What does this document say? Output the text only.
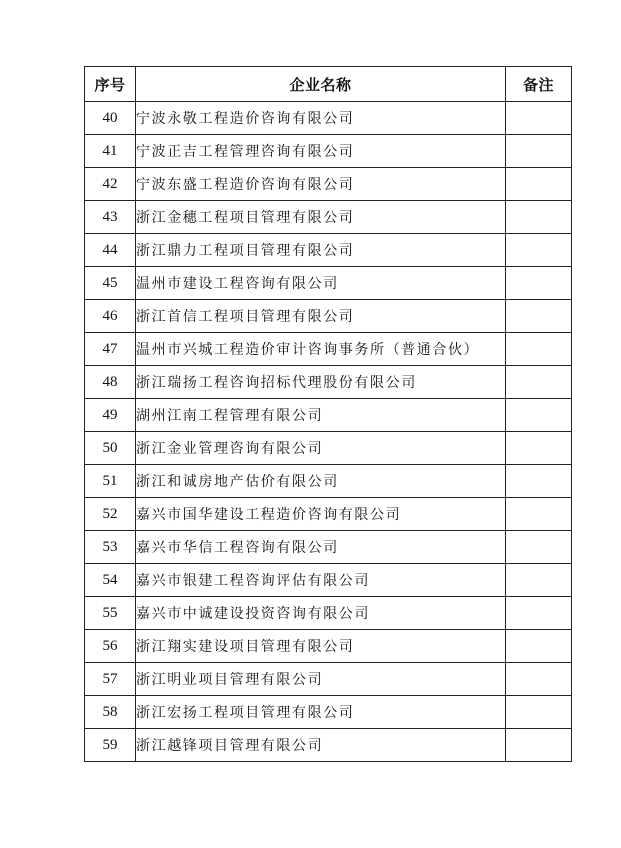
序号	企业名称	备注
40	宁波永敬工程造价咨询有限公司	
41	宁波正吉工程管理咨询有限公司	
42	宁波东盛工程造价咨询有限公司	
43	浙江金穗工程项目管理有限公司	
44	浙江鼎力工程项目管理有限公司	
45	温州市建设工程咨询有限公司	
46	浙江首信工程项目管理有限公司	
47	温州市兴城工程造价审计咨询事务所（普通合伙）	
48	浙江瑞扬工程咨询招标代理股份有限公司	
49	湖州江南工程管理有限公司	
50	浙江金业管理咨询有限公司	
51	浙江和诚房地产估价有限公司	
52	嘉兴市国华建设工程造价咨询有限公司	
53	嘉兴市华信工程咨询有限公司	
54	嘉兴市银建工程咨询评估有限公司	
55	嘉兴市中诚建设投资咨询有限公司	
56	浙江翔实建设项目管理有限公司	
57	浙江明业项目管理有限公司	
58	浙江宏扬工程项目管理有限公司	
59	浙江越锋项目管理有限公司	
